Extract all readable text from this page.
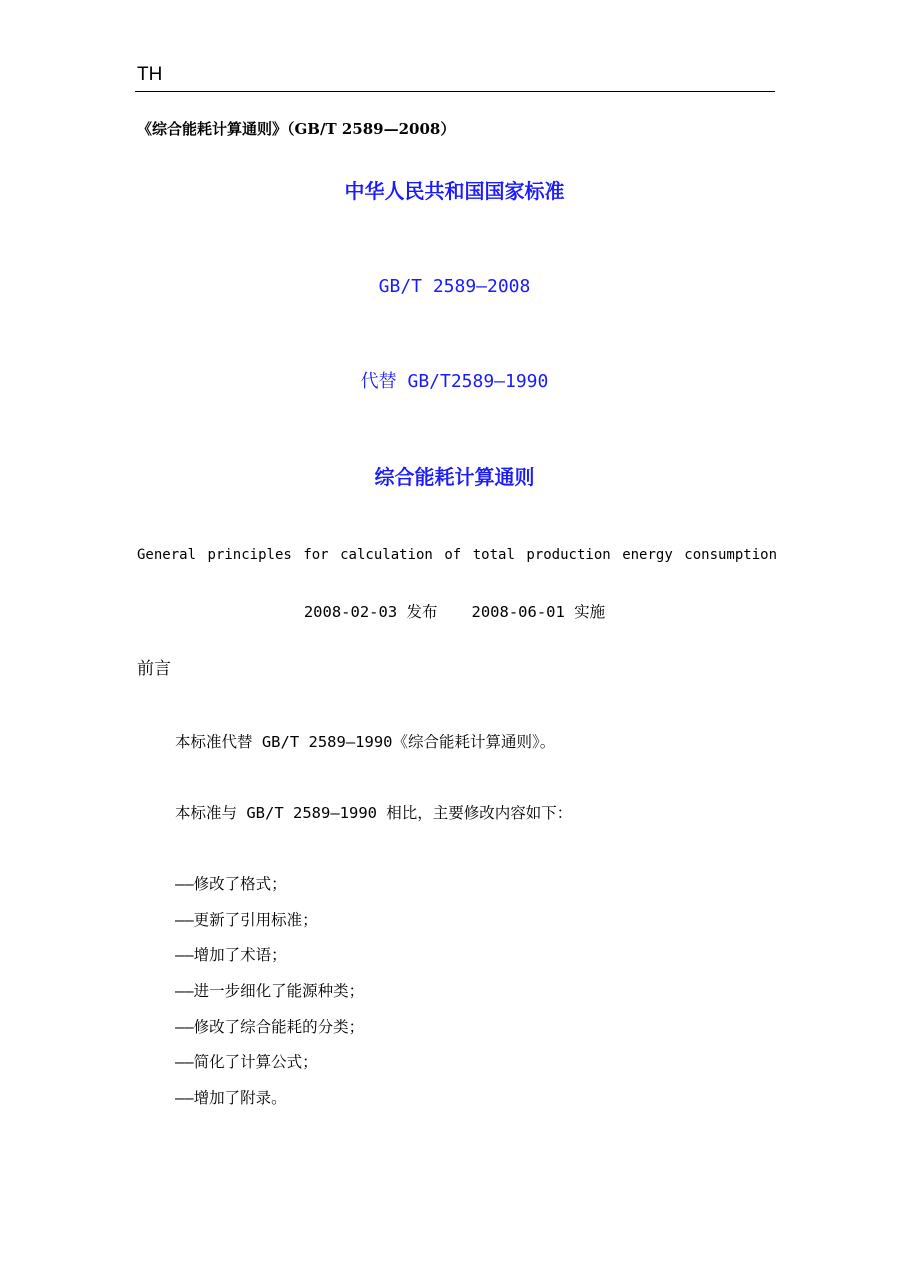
TH
《综合能耗计算通则》（GB/T 2589—2008）
中华人民共和国国家标准
GB/T 2589—2008
代替 GB/T2589—1990
综合能耗计算通则
General principles for calculation of total production energy consumption
2008-02-03 发布 2008-06-01 实施
前言
本标准代替 GB/T 2589—1990《综合能耗计算通则》。
本标准与 GB/T 2589—1990 相比，主要修改内容如下：
——修改了格式；
——更新了引用标准；
——增加了术语；
——进一步细化了能源种类；
——修改了综合能耗的分类；
——简化了计算公式；
——增加了附录。
